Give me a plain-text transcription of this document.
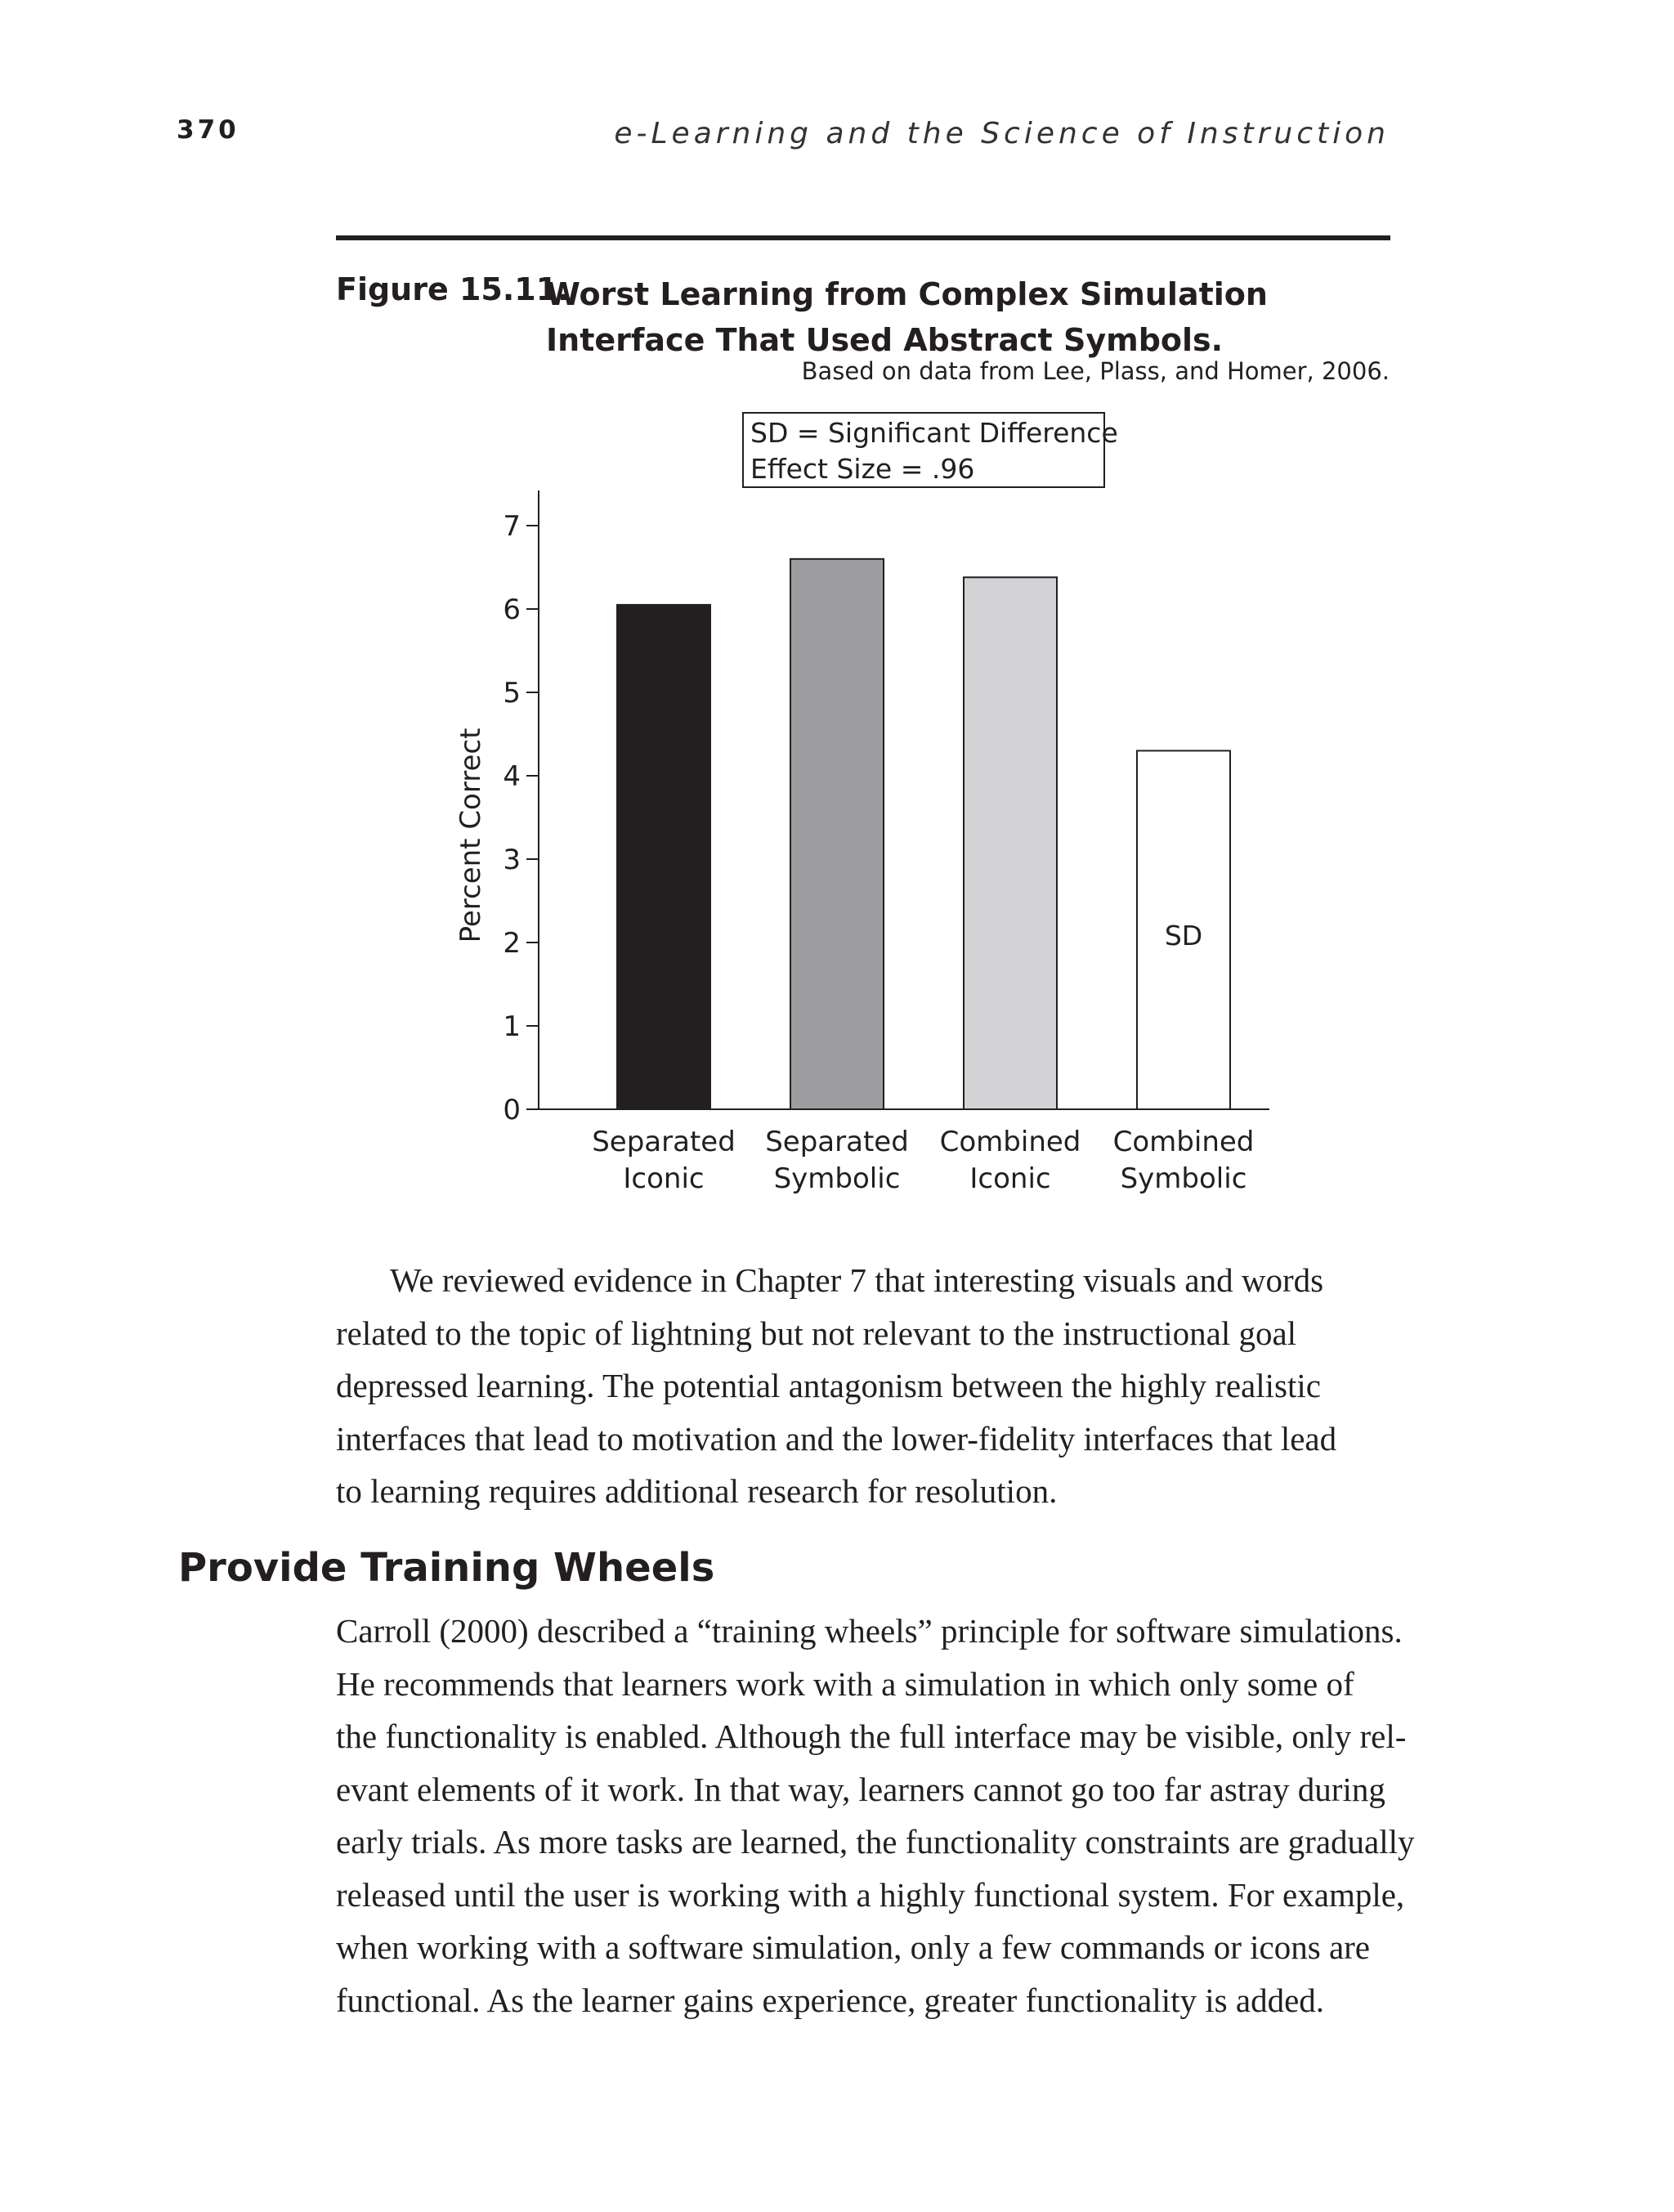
370	e-Learning and the Science of Instruction
Figure 15.11.
Worst Learning from Complex Simulation Interface That Used Abstract Symbols.
Based on data from Lee, Plass, and Homer, 2006.
SD = Significant Difference
Effect Size = .96
SD
0
1
2
3
4
5
6
7
Percent Correct
Separated
Iconic
Separated
Symbolic
Combined
Iconic
Combined
Symbolic
We reviewed evidence in Chapter 7 that interesting visuals and words
related to the topic of lightning but not relevant to the instructional goal
depressed learning. The potential antagonism between the highly realistic
interfaces that lead to motivation and the lower-fidelity interfaces that lead
to learning requires additional research for resolution.
Provide Training Wheels
Carroll (2000) described a “training wheels” principle for software simulations.
He recommends that learners work with a simulation in which only some of
the functionality is enabled. Although the full interface may be visible, only rel-
evant elements of it work. In that way, learners cannot go too far astray during
early trials. As more tasks are learned, the functionality constraints are gradually
released until the user is working with a highly functional system. For example,
when working with a software simulation, only a few commands or icons are
functional. As the learner gains experience, greater functionality is added.
